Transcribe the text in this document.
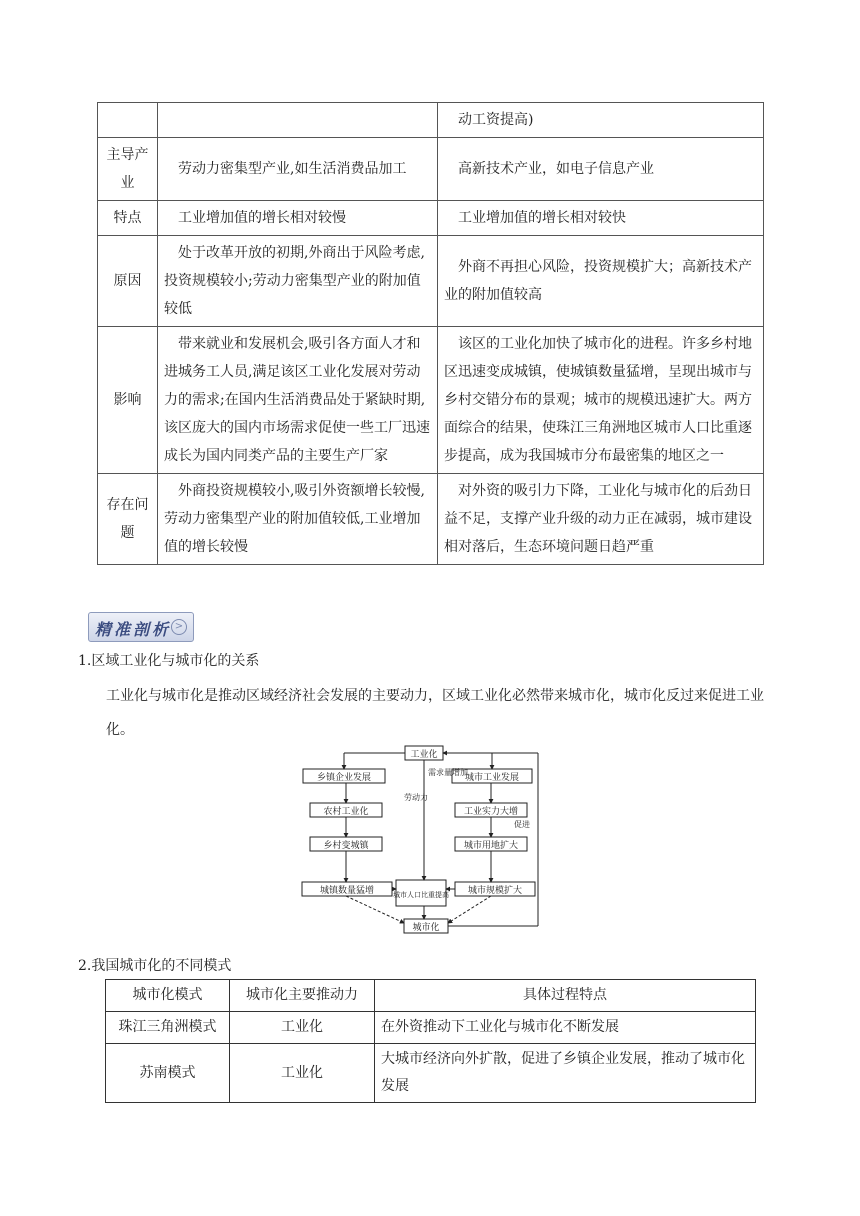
		动工资提高)
主导产业	劳动力密集型产业,如生活消费品加工	高新技术产业，如电子信息产业
特点	工业增加值的增长相对较慢	工业增加值的增长相对较快
原因	处于改革开放的初期,外商出于风险考虑,投资规模较小;劳动力密集型产业的附加值较低	外商不再担心风险，投资规模扩大；高新技术产业的附加值较高
影响	带来就业和发展机会,吸引各方面人才和进城务工人员,满足该区工业化发展对劳动力的需求;在国内生活消费品处于紧缺时期,该区庞大的国内市场需求促使一些工厂迅速成长为国内同类产品的主要生产厂家	该区的工业化加快了城市化的进程。许多乡村地区迅速变成城镇，使城镇数量猛增，呈现出城市与乡村交错分布的景观；城市的规模迅速扩大。两方面综合的结果，使珠江三角洲地区城市人口比重逐步提高，成为我国城市分布最密集的地区之一
存在问题	外商投资规模较小,吸引外资额增长较慢,劳动力密集型产业的附加值较低,工业增加值的增长较慢	对外资的吸引力下降，工业化与城市化的后劲日益不足，支撑产业升级的动力正在减弱，城市建设相对落后，生态环境问题日趋严重
精准剖析 >
1.区域工业化与城市化的关系
工业化与城市化是推动区域经济社会发展的主要动力，区域工业化必然带来城市化，城市化反过来促进工业化。
工业化
乡镇企业发展
农村工业化
乡村变城镇
城市工业发展
工业实力大增
城市用地扩大
城镇数量猛增	城市人口比重提高 城市规模扩大
城市化
劳动力
需求量增加
促进
2.我国城市化的不同模式
城市化模式	城市化主要推动力	具体过程特点
珠江三角洲模式	工业化	在外资推动下工业化与城市化不断发展
苏南模式	工业化	大城市经济向外扩散，促进了乡镇企业发展，推动了城市化发展
